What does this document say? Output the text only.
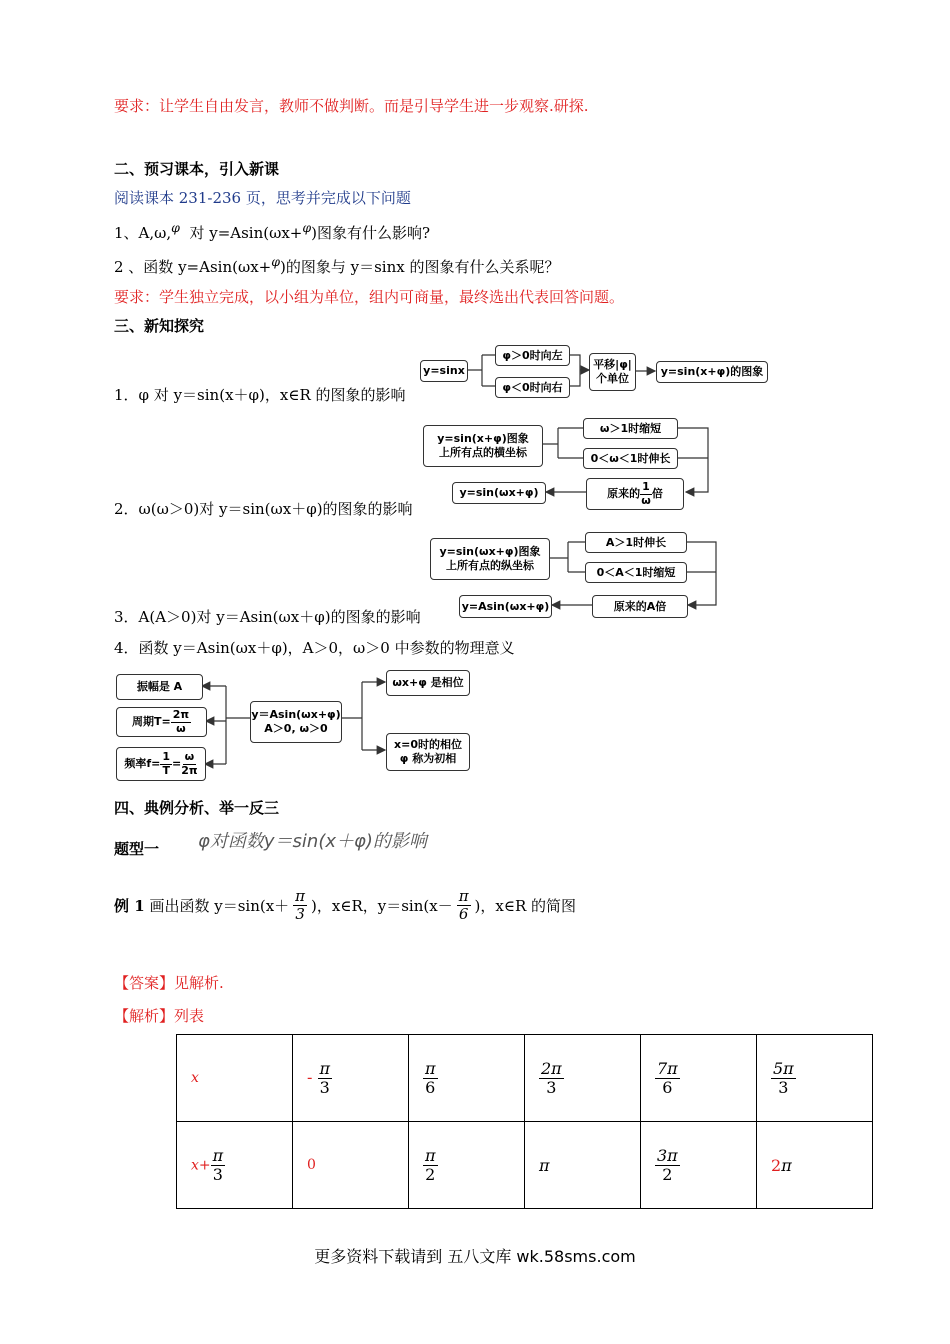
要求：让学生自由发言，教师不做判断。而是引导学生进一步观察.研探.
二、预习课本，引入新课
阅读课本 231-236 页，思考并完成以下问题
1、A,ω,$^\varphi$ 对 y=Asin(ωx+$^\varphi$)图象有什么影响?
2 、函数 y=Asin(ωx+$^\varphi$)的图象与 y＝sinx 的图象有什么关系呢？
要求：学生独立完成，以小组为单位，组内可商量，最终选出代表回答问题。
三、新知探究
1．φ 对 y＝sin(x＋φ)，x∈R 的图象的影响
2．ω(ω＞0)对 y＝sin(ωx＋φ)的图象的影响
3．A(A＞0)对 y＝Asin(ωx＋φ)的图象的影响
4．函数 y＝Asin(ωx＋φ)，A＞0，ω＞0 中参数的物理意义
y=sinx
φ＞0时向左
φ＜0时向右
平移|φ|
个单位
y=sin(x+φ)的图象
y=sin(x+φ)图象
上所有点的横坐标
ω＞1时缩短
0＜ω＜1时伸长
原来的 $\frac{1}{\omega}$ 倍
y=sin(ωx+φ)
y=sin(ωx+φ)图象
上所有点的纵坐标
A＞1时伸长
0＜A＜1时缩短
原来的A倍
y=Asin(ωx+φ)
振幅是 A
周期$T= \frac{2\pi}{\omega}$
频率$f= \frac{1}{T} = \frac{\omega}{2\pi}$
y＝Asin(ωx+φ)
A＞0, ω＞0
ωx+φ 是相位
x=0时的相位
φ 称为初相
四、典例分析、举一反三
题型一 φ对函数y＝sin(x＋φ)的影响
例 1
画出函数 $y=\sin(x+ \frac{\pi}{3}$ )，x∈R，$y=\sin(x- \frac{\pi}{6}$ )，x∈R 的简图
【答案】见解析.
【解析】列表
x	- $\frac{\pi}{3}$	$\frac{\pi}{6}$	$\frac{2\pi}{3}$	$\frac{7\pi}{6}$	$\frac{5\pi}{3}$

$x+ \frac{\pi}{3}$	0	$\frac{\pi}{2}$	π	$\frac{3\pi}{2}$	2π
更多资料下载请到 五八文库 wk.58sms.com
